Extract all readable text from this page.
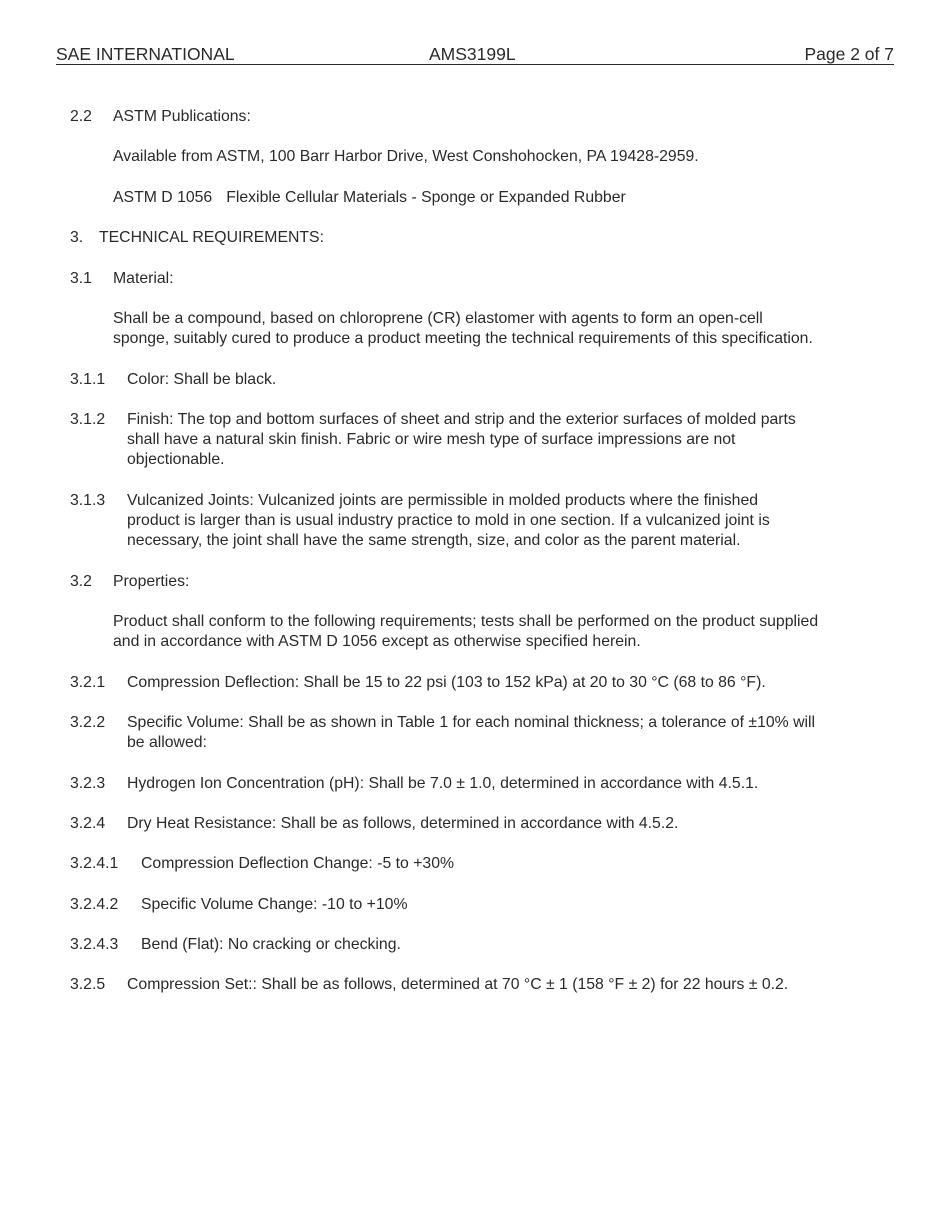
SAE INTERNATIONAL	AMS3199L	Page 2 of 7
2.2	ASTM Publications:
Available from ASTM, 100 Barr Harbor Drive, West Conshohocken, PA 19428-2959.
ASTM D 1056 Flexible Cellular Materials - Sponge or Expanded Rubber
3.	TECHNICAL REQUIREMENTS:
3.1	Material:
Shall be a compound, based on chloroprene (CR) elastomer with agents to form an open-cell
sponge, suitably cured to produce a product meeting the technical requirements of this specification.
3.1.1	Color: Shall be black.
3.1.2	Finish: The top and bottom surfaces of sheet and strip and the exterior surfaces of molded parts
shall have a natural skin finish. Fabric or wire mesh type of surface impressions are not
objectionable.
3.1.3	Vulcanized Joints: Vulcanized joints are permissible in molded products where the finished
product is larger than is usual industry practice to mold in one section. If a vulcanized joint is
necessary, the joint shall have the same strength, size, and color as the parent material.
3.2	Properties:
Product shall conform to the following requirements; tests shall be performed on the product supplied
and in accordance with ASTM D 1056 except as otherwise specified herein.
3.2.1	Compression Deflection: Shall be 15 to 22 psi (103 to 152 kPa) at 20 to 30 °C (68 to 86 °F).
3.2.2	Specific Volume: Shall be as shown in Table 1 for each nominal thickness; a tolerance of ±10% will
be allowed:
3.2.3	Hydrogen Ion Concentration (pH): Shall be 7.0 ± 1.0, determined in accordance with 4.5.1.
3.2.4	Dry Heat Resistance: Shall be as follows, determined in accordance with 4.5.2.
3.2.4.1	Compression Deflection Change: -5 to +30%
3.2.4.2	Specific Volume Change: -10 to +10%
3.2.4.3	Bend (Flat): No cracking or checking.
3.2.5	Compression Set:: Shall be as follows, determined at 70 °C ± 1 (158 °F ± 2) for 22 hours ± 0.2.
